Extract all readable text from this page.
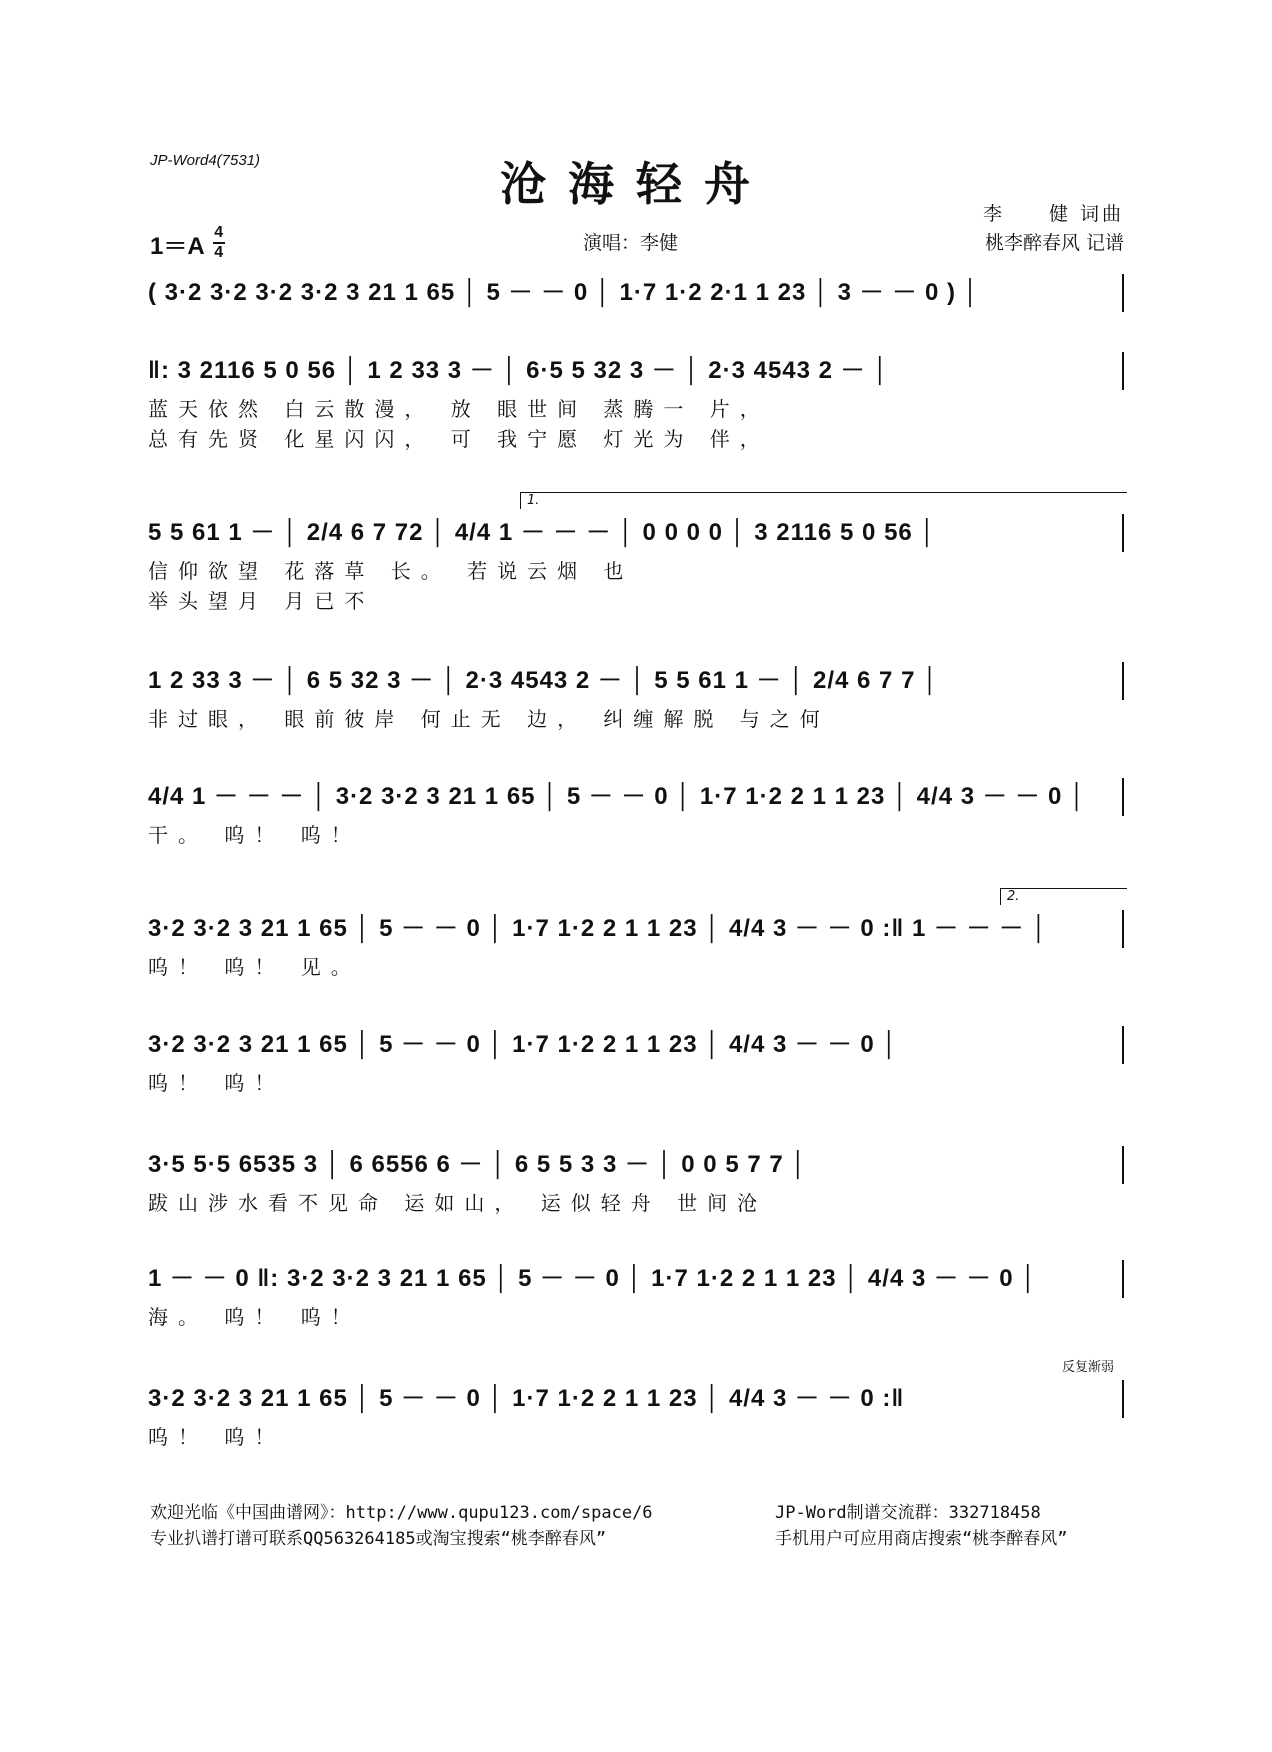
JP-Word4(7531)	沧海轻舟
1＝A 4
4	演唱：李健
李　　健 词曲
桃李醉春风 记谱
( 3·2 3·2 3·2 3·2 3 21 1 65 │ 5 － － 0 │ 1·7 1·2 2·1 1 23 │ 3 － － 0 ) │
‖: 3 2116 5 0 56 │ 1 2 33 3 － │ 6·5 5 32 3 － │ 2·3 4543 2 － │
蓝天依然 白云散漫， 放 眼世间 蒸腾一 片，
总有先贤 化星闪闪， 可 我宁愿 灯光为 伴，
1.
5 5 61 1 － │ 2/4 6 7 72 │ 4/4 1 － － － │ 0 0 0 0 │ 3 2116 5 0 56 │
信仰欲望 花落草 长。 若说云烟 也
举头望月 月已不
1 2 33 3 － │ 6 5 32 3 － │ 2·3 4543 2 － │ 5 5 61 1 － │ 2/4 6 7 7 │
非过眼， 眼前彼岸 何止无 边， 纠缠解脱 与之何
4/4 1 － － － │ 3·2 3·2 3 21 1 65 │ 5 － － 0 │ 1·7 1·2 2 1 1 23 │ 4/4 3 － － 0 │
干。 呜！ 呜！
2.
3·2 3·2 3 21 1 65 │ 5 － － 0 │ 1·7 1·2 2 1 1 23 │ 4/4 3 － － 0 :‖ 1 － － － │
呜！ 呜！ 见。
3·2 3·2 3 21 1 65 │ 5 － － 0 │ 1·7 1·2 2 1 1 23 │ 4/4 3 － － 0 │
呜！ 呜！
3·5 5·5 6535 3 │ 6 6556 6 － │ 6 5 5 3 3 － │ 0 0 5 7 7 │
跋山涉水看不见命 运如山， 运似轻舟 世间沧
1 － － 0 ‖: 3·2 3·2 3 21 1 65 │ 5 － － 0 │ 1·7 1·2 2 1 1 23 │ 4/4 3 － － 0 │
海。 呜！ 呜！
反复渐弱
3·2 3·2 3 21 1 65 │ 5 － － 0 │ 1·7 1·2 2 1 1 23 │ 4/4 3 － － 0 :‖
呜！ 呜！
欢迎光临《中国曲谱网》：http://www.qupu123.com/space/6	JP-Word制谱交流群：332718458
专业扒谱打谱可联系QQ563264185或淘宝搜索“桃李醉春风”	手机用户可应用商店搜索“桃李醉春风”
